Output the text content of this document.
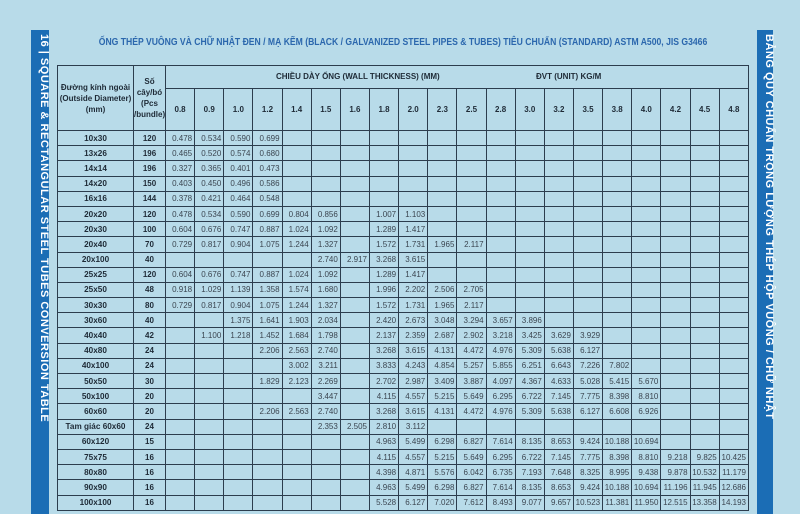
16 | SQUARE & RECTANGULAR STEEL TUBES CONVERSION TABLE	BẢNG QUY CHUẨN TRỌNG LƯỢNG THÉP HỘP VUÔNG / CHỮ NHẬT
ỐNG THÉP VUÔNG VÀ CHỮ NHẬT ĐEN / MẠ KẼM (BLACK / GALVANIZED STEEL PIPES & TUBES) TIÊU CHUẨN (STANDARD) ASTM A500, JIS G3466
Đường kính ngoài (Outside Diameter) (mm)	Số cây/bó (Pcs /bundle)	CHIỀU DÀY ỐNG (WALL THICKNESS) (MM) ĐVT (UNIT) KG/M																			

		0.8	0.9	1.0	1.2	1.4	1.5	1.6	1.8	2.0	2.3	2.5	2.8	3.0	3.2	3.5	3.8	4.0	4.2	4.5	4.8
10x30	120	0.478	0.534	0.590	0.699																
13x26	196	0.465	0.520	0.574	0.680																
14x14	196	0.327	0.365	0.401	0.473																
14x20	150	0.403	0.450	0.496	0.586																
16x16	144	0.378	0.421	0.464	0.548																
20x20	120	0.478	0.534	0.590	0.699	0.804	0.856		1.007	1.103											
20x30	100	0.604	0.676	0.747	0.887	1.024	1.092		1.289	1.417											
20x40	70	0.729	0.817	0.904	1.075	1.244	1.327		1.572	1.731	1.965	2.117									
20x100	40						2.740	2.917	3.268	3.615											
25x25	120	0.604	0.676	0.747	0.887	1.024	1.092		1.289	1.417											
25x50	48	0.918	1.029	1.139	1.358	1.574	1.680		1.996	2.202	2.506	2.705									
30x30	80	0.729	0.817	0.904	1.075	1.244	1.327		1.572	1.731	1.965	2.117									
30x60	40			1.375	1.641	1.903	2.034		2.420	2.673	3.048	3.294	3.657	3.896							
40x40	42		1.100	1.218	1.452	1.684	1.798		2.137	2.359	2.687	2.902	3.218	3.425	3.629	3.929					
40x80	24				2.206	2.563	2.740		3.268	3.615	4.131	4.472	4.976	5.309	5.638	6.127					
40x100	24					3.002	3.211		3.833	4.243	4.854	5.257	5.855	6.251	6.643	7.226	7.802				
50x50	30				1.829	2.123	2.269		2.702	2.987	3.409	3.887	4.097	4.367	4.633	5.028	5.415	5.670			
50x100	20						3.447		4.115	4.557	5.215	5.649	6.295	6.722	7.145	7.775	8.398	8.810			
60x60	20				2.206	2.563	2.740		3.268	3.615	4.131	4.472	4.976	5.309	5.638	6.127	6.608	6.926			
Tam giác 60x60	24						2.353	2.505	2.810	3.112											
60x120	15								4.963	5.499	6.298	6.827	7.614	8.135	8.653	9.424	10.188	10.694			
75x75	16								4.115	4.557	5.215	5.649	6.295	6.722	7.145	7.775	8.398	8.810	9.218	9.825	10.425
80x80	16								4.398	4.871	5.576	6.042	6.735	7.193	7.648	8.325	8.995	9.438	9.878	10.532	11.179
90x90	16								4.963	5.499	6.298	6.827	7.614	8.135	8.653	9.424	10.188	10.694	11.196	11.945	12.686
100x100	16								5.528	6.127	7.020	7.612	8.493	9.077	9.657	10.523	11.381	11.950	12.515	13.358	14.193
